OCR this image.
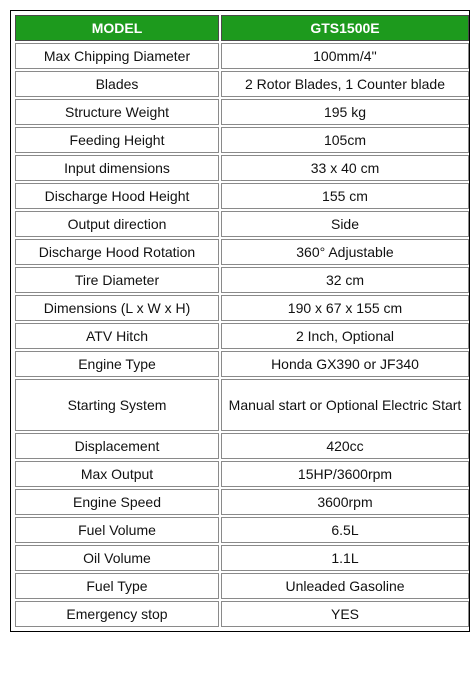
MODEL	GTS1500E
Max Chipping Diameter	100mm/4''
Blades	2 Rotor Blades, 1 Counter blade
Structure Weight	195 kg
Feeding Height	105cm
Input dimensions	33 x 40 cm
Discharge Hood Height	155 cm
Output direction	Side
Discharge Hood Rotation	360° Adjustable
Tire Diameter	32 cm
Dimensions (L x W x H)	190 x 67 x 155 cm
ATV Hitch	2 Inch, Optional
Engine Type	Honda GX390 or JF340
Starting System	Manual start or Optional Electric Start
Displacement	420cc
Max Output	15HP/3600rpm
Engine Speed	3600rpm
Fuel Volume	6.5L
Oil Volume	1.1L
Fuel Type	Unleaded Gasoline
Emergency stop	YES
